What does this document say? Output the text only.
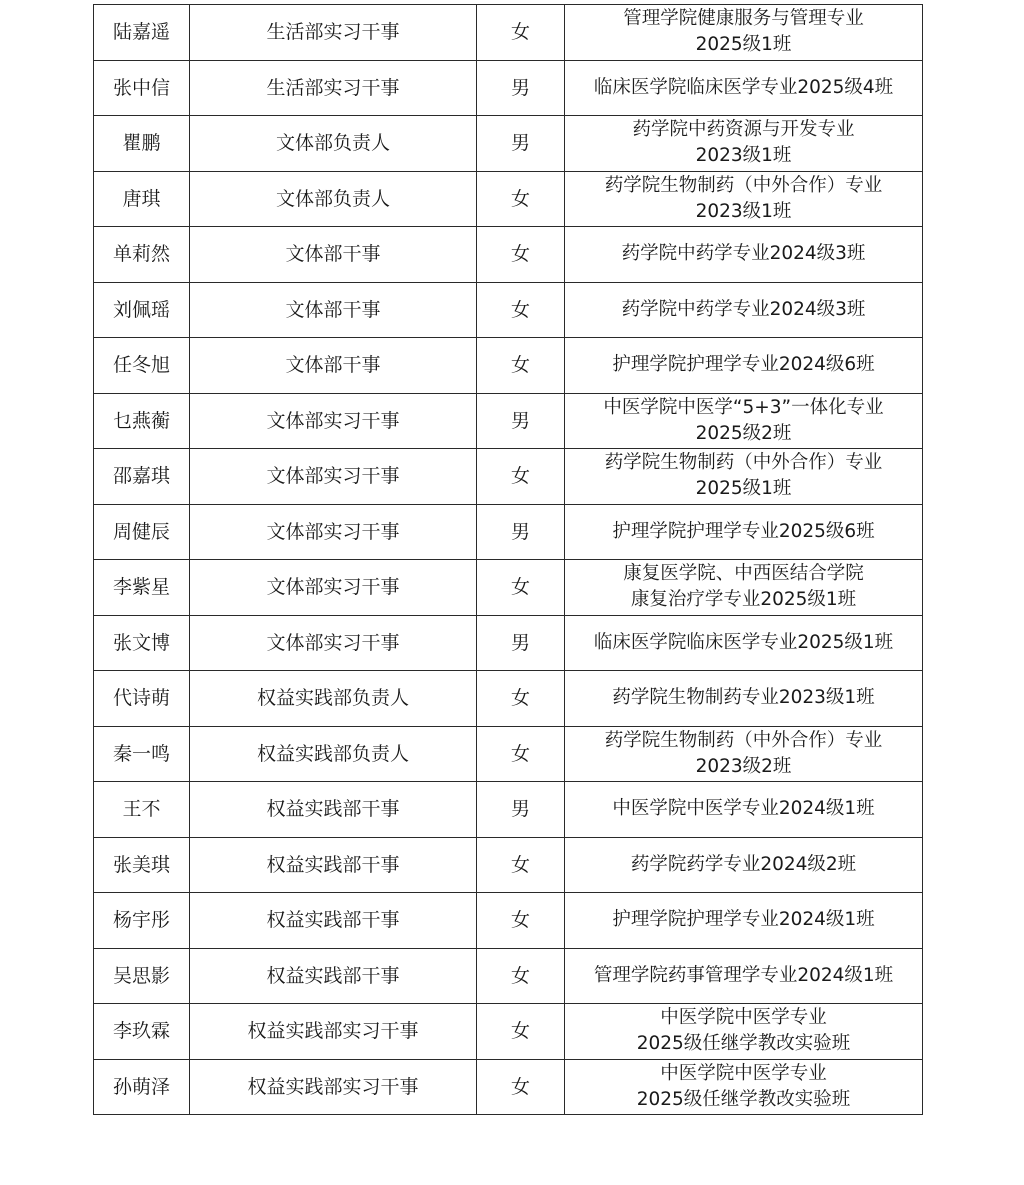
陆嘉遥	生活部实习干事	女	管理学院健康服务与管理专业
2025级1班

张中信	生活部实习干事	男	临床医学院临床医学专业2025级4班

瞿鹏	文体部负责人	男	药学院中药资源与开发专业
2023级1班

唐琪	文体部负责人	女	药学院生物制药（中外合作）专业
2023级1班

单莉然	文体部干事	女	药学院中药学专业2024级3班

刘佩瑶	文体部干事	女	药学院中药学专业2024级3班

任冬旭	文体部干事	女	护理学院护理学专业2024级6班

乜燕蘅	文体部实习干事	男	中医学院中医学“5+3”一体化专业
2025级2班

邵嘉琪	文体部实习干事	女	药学院生物制药（中外合作）专业
2025级1班

周健辰	文体部实习干事	男	护理学院护理学专业2025级6班

李紫星	文体部实习干事	女	康复医学院、中西医结合学院
康复治疗学专业2025级1班

张文博	文体部实习干事	男	临床医学院临床医学专业2025级1班

代诗萌	权益实践部负责人	女	药学院生物制药专业2023级1班

秦一鸣	权益实践部负责人	女	药学院生物制药（中外合作）专业
2023级2班

王不	权益实践部干事	男	中医学院中医学专业2024级1班

张美琪	权益实践部干事	女	药学院药学专业2024级2班

杨宇彤	权益实践部干事	女	护理学院护理学专业2024级1班

吴思影	权益实践部干事	女	管理学院药事管理学专业2024级1班

李玖霖	权益实践部实习干事	女	中医学院中医学专业
2025级任继学教改实验班

孙萌泽	权益实践部实习干事	女	中医学院中医学专业
2025级任继学教改实验班
